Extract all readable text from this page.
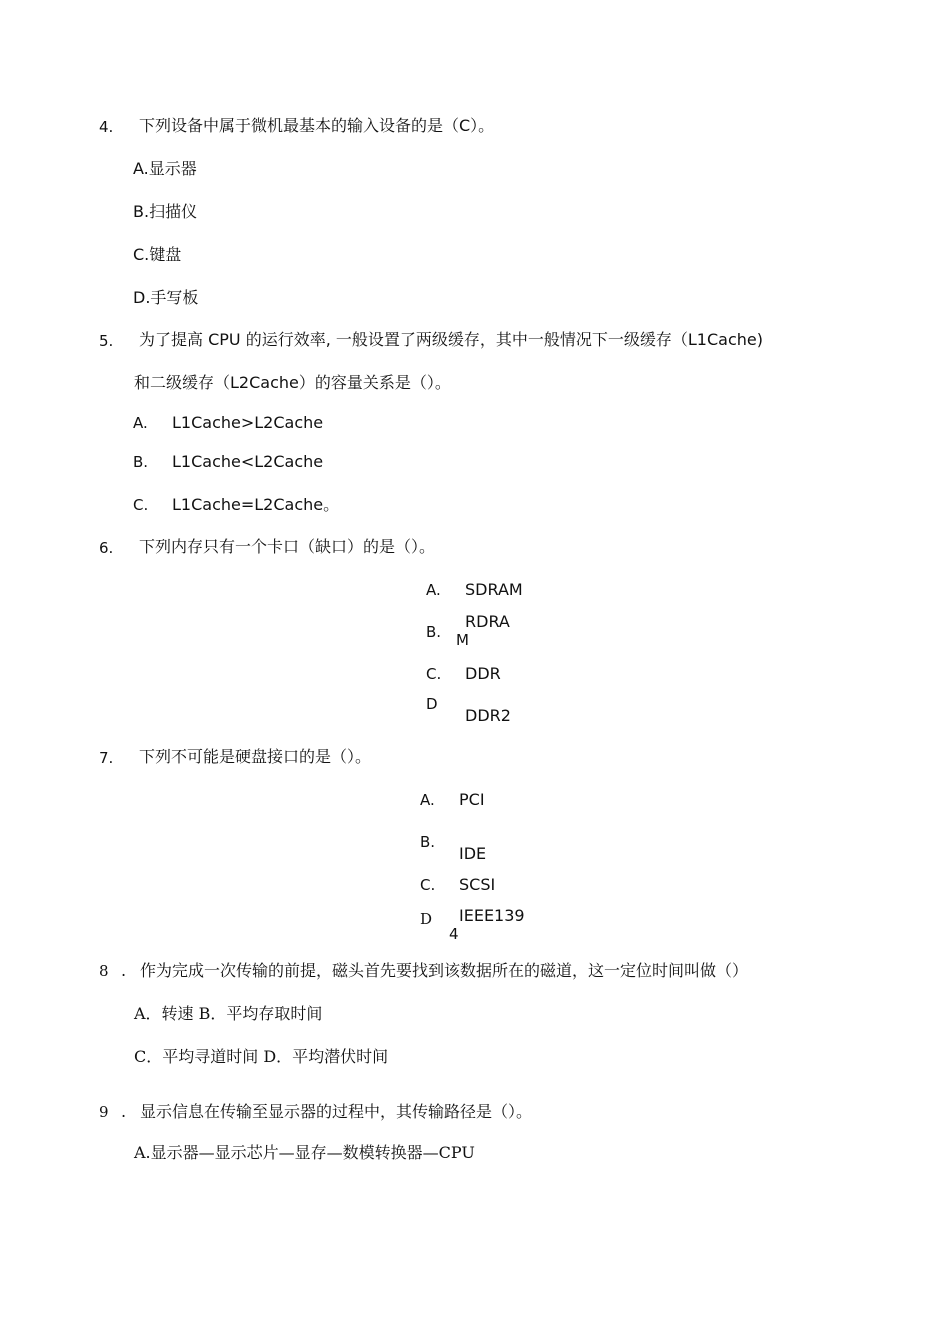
4. 下列设备中属于微机最基本的输入设备的是（C）。
A.显示器
B.扫描仪
C.键盘
D.手写板
5. 为了提高 CPU 的运行效率, 一般设置了两级缓存，其中一般情况下一级缓存（L1Cache)
和二级缓存（L2Cache）的容量关系是（）。
A. L1Cache>L2Cache
B. L1Cache<L2Cache
C. L1Cache=L2Cache。
6. 下列内存只有一个卡口（缺口）的是（）。
A. SDRAM
B.
RDRA
M
C. DDR
D
DDR2
7. 下列不可能是硬盘接口的是（）。
A. PCI
B.
IDE
C. SCSI
D IEEE139
4
8 . 作为完成一次传输的前提，磁头首先要找到该数据所在的磁道，这一定位时间叫做（）
A．转速 B．平均存取时间
C．平均寻道时间 D．平均潜伏时间
9 . 显示信息在传输至显示器的过程中，其传输路径是（）。
A.显示器—显示芯片—显存—数模转换器—CPU
